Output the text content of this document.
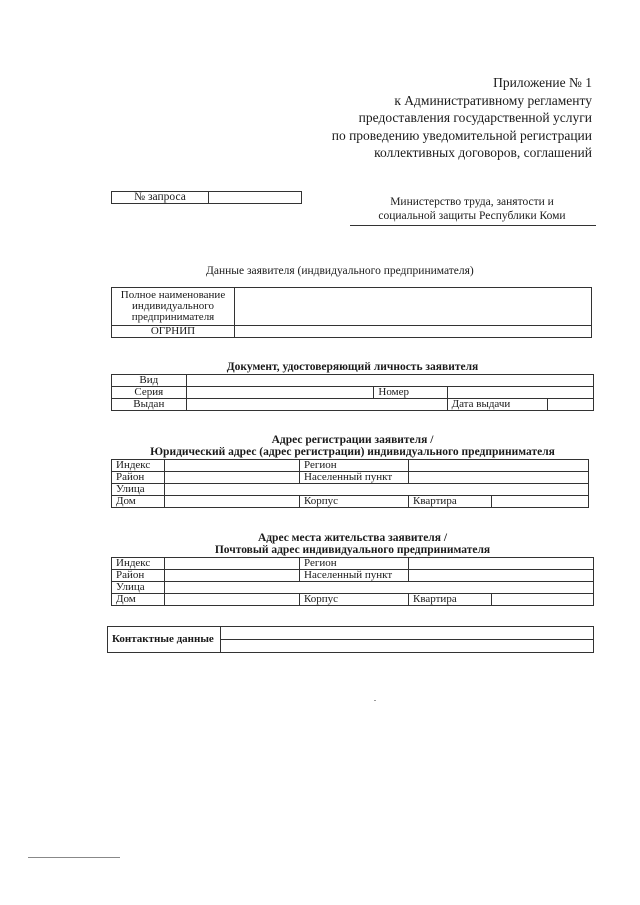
Приложение № 1
к Административному регламенту
предоставления государственной услуги
по проведению уведомительной регистрации
коллективных договоров, соглашений
№ запроса		Министерство труда, занятости и
социальной защиты Республики Коми
Данные заявителя (индвидуального предпринимателя)
Полное наименование индивидуального предпринимателя	
ОГРНИП	
Документ, удостоверяющий личность заявителя
Вид				
Серия		Номер		
Выдан			Дата выдачи	
Адрес регистрации заявителя /
Юридический адрес (адрес регистрации) индивидуального предпринимателя
Индекс		Регион		
Район		Населенный пункт		
Улица				
Дом		Корпус	Квартира	
Адрес места жительства заявителя /
Почтовый адрес индивидуального предпринимателя
Индекс		Регион		
Район		Населенный пункт		
Улица				
Дом		Корпус	Квартира	
Контактные данные	
